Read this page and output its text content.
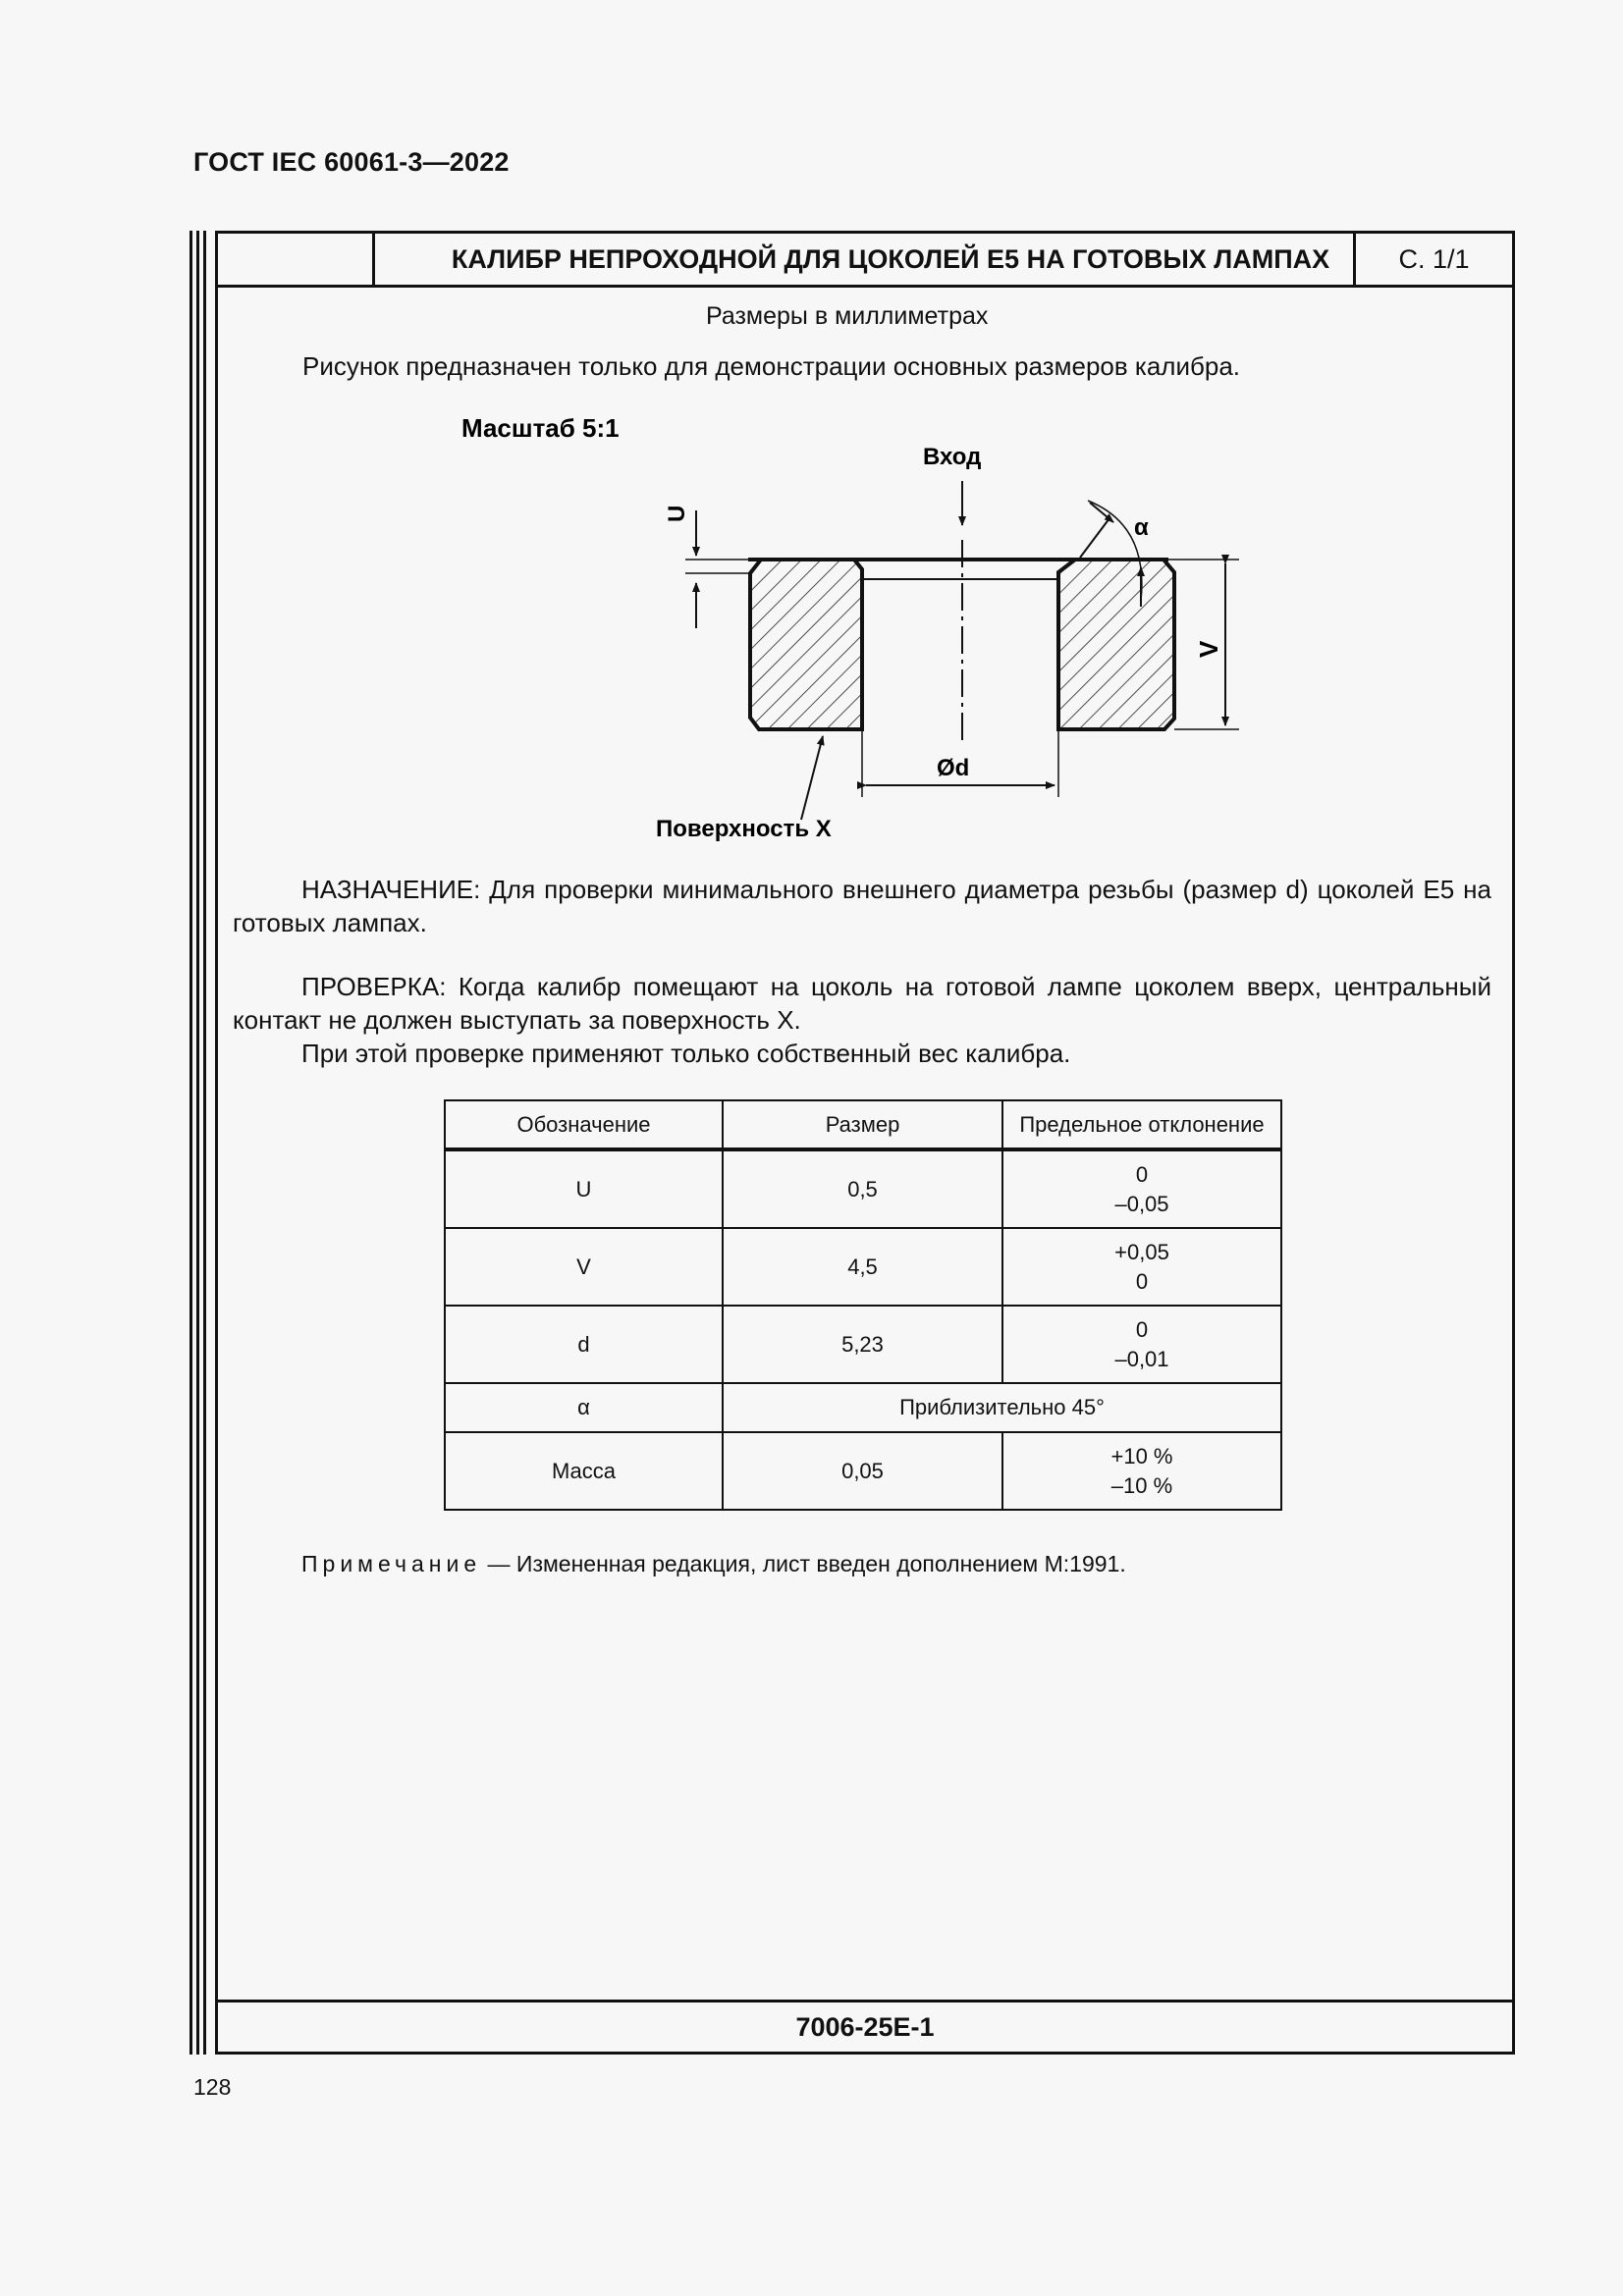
ГОСТ IEC 60061-3—2022
КАЛИБР НЕПРОХОДНОЙ ДЛЯ ЦОКОЛЕЙ Е5 НА ГОТОВЫХ ЛАМПАХ	С. 1/1
7006-25E-1
Размеры в миллиметрах
Рисунок предназначен только для демонстрации основных размеров калибра.
Масштаб 5:1
Вход
U
α
V
Ød
Поверхность X
НАЗНАЧЕНИЕ: Для проверки минимального внешнего диаметра резьбы (размер d) цоколей Е5 на готовых лампах.
ПРОВЕРКА: Когда калибр помещают на цоколь на готовой лампе цоколем вверх, центральный контакт не должен выступать за поверхность X.
При этой проверке применяют только собственный вес калибра.
Обозначение	Размер	Предельное отклонение
U	0,5	0
–0,05
V	4,5	+0,05
0
d	5,23	0
–0,01
α	Приблизительно 45°	
Масса	0,05	+10 %
–10 %
Примечание — Измененная редакция, лист введен дополнением М:1991.
128
